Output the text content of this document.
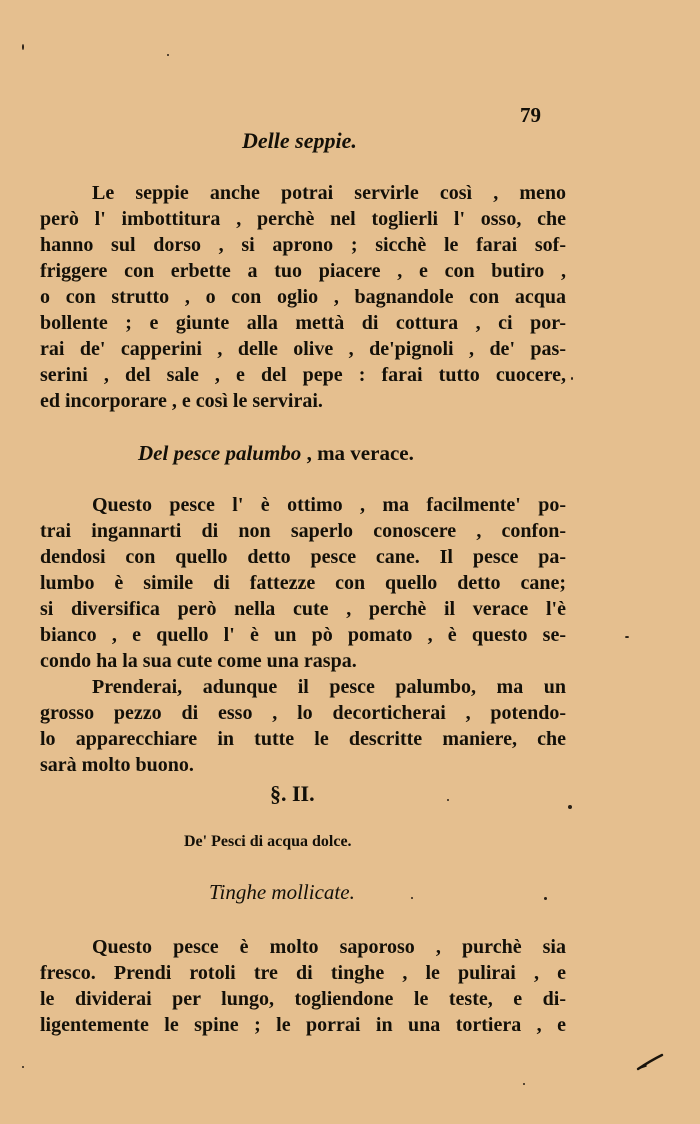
79
Delle seppie.
Le seppie anche potrai servirle così , meno
però l' imbottitura , perchè nel toglierli l' osso, che
hanno sul dorso , si aprono ; sicchè le farai sof-
friggere con erbette a tuo piacere , e con butiro ,
o con strutto , o con oglio , bagnandole con acqua
bollente ; e giunte alla mettà di cottura , ci por-
rai de' capperini , delle olive , de'pignoli , de' pas-
serini , del sale , e del pepe : farai tutto cuocere,
ed incorporare , e così le servirai.
Del pesce palumbo , ma verace.
Questo pesce l' è ottimo , ma facilmente' po-
trai ingannarti di non saperlo conoscere , confon-
dendosi con quello detto pesce cane. Il pesce pa-
lumbo è simile di fattezze con quello detto cane;
si diversifica però nella cute , perchè il verace l'è
bianco , e quello l' è un pò pomato , è questo se-
condo ha la sua cute come una raspa.
Prenderai, adunque il pesce palumbo, ma un
grosso pezzo di esso , lo decorticherai , potendo-
lo apparecchiare in tutte le descritte maniere, che
sarà molto buono.
§. II.
De' Pesci di acqua dolce.
Tinghe mollicate.
Questo pesce è molto saporoso , purchè sia
fresco. Prendi rotoli tre di tinghe , le pulirai , e
le dividerai per lungo, togliendone le teste, e di-
ligentemente le spine ; le porrai in una tortiera , e
